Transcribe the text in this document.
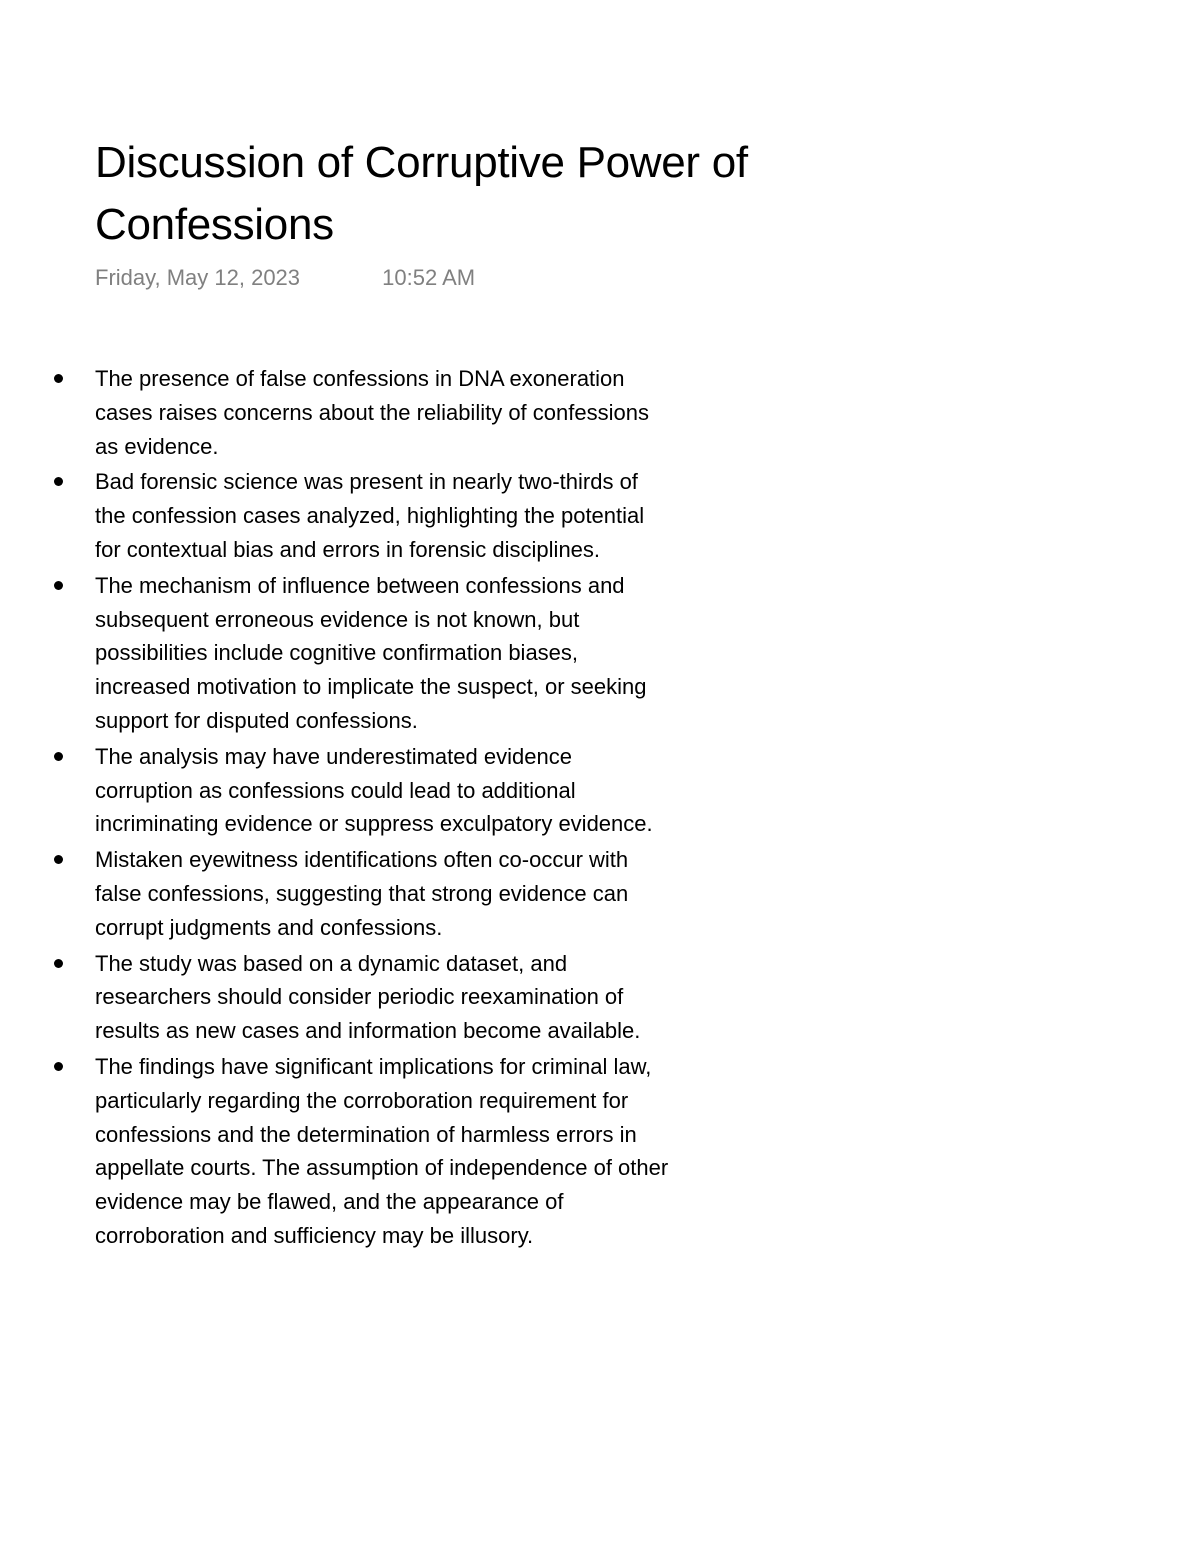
Discussion of Corruptive Power of Confessions
Friday, May 12, 2023	10:52 AM
The presence of false confessions in DNA exoneration cases raises concerns about the reliability of confessions as evidence.
Bad forensic science was present in nearly two-thirds of the confession cases analyzed, highlighting the potential for contextual bias and errors in forensic disciplines.
The mechanism of influence between confessions and subsequent erroneous evidence is not known, but possibilities include cognitive confirmation biases, increased motivation to implicate the suspect, or seeking support for disputed confessions.
The analysis may have underestimated evidence corruption as confessions could lead to additional incriminating evidence or suppress exculpatory evidence.
Mistaken eyewitness identifications often co-occur with false confessions, suggesting that strong evidence can corrupt judgments and confessions.
The study was based on a dynamic dataset, and researchers should consider periodic reexamination of results as new cases and information become available.
The findings have significant implications for criminal law, particularly regarding the corroboration requirement for confessions and the determination of harmless errors in appellate courts. The assumption of independence of other evidence may be flawed, and the appearance of corroboration and sufficiency may be illusory.
